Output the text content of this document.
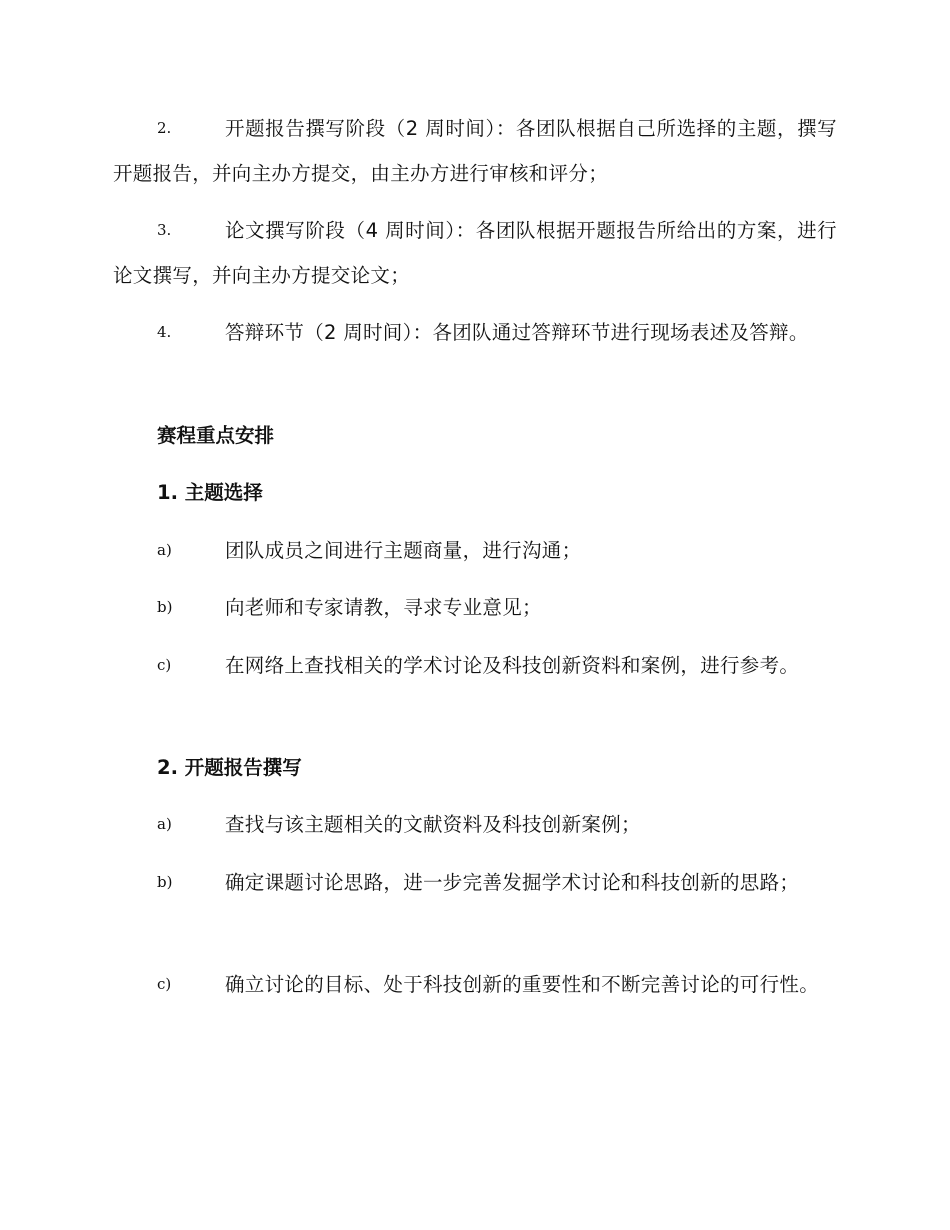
2.	开题报告撰写阶段（2 周时间）：各团队根据自己所选择的主题，撰写开题报告，并向主办方提交，由主办方进行审核和评分；
3.	论文撰写阶段（4 周时间）：各团队根据开题报告所给出的方案，进行论文撰写，并向主办方提交论文；
4.	答辩环节（2 周时间）：各团队通过答辩环节进行现场表述及答辩。
赛程重点安排
1. 主题选择
a)	团队成员之间进行主题商量，进行沟通；
b)	向老师和专家请教，寻求专业意见；
c)	在网络上查找相关的学术讨论及科技创新资料和案例，进行参考。
2. 开题报告撰写
a)	查找与该主题相关的文献资料及科技创新案例；
b)	确定课题讨论思路，进一步完善发掘学术讨论和科技创新的思路；
c)	确立讨论的目标、处于科技创新的重要性和不断完善讨论的可行性。
